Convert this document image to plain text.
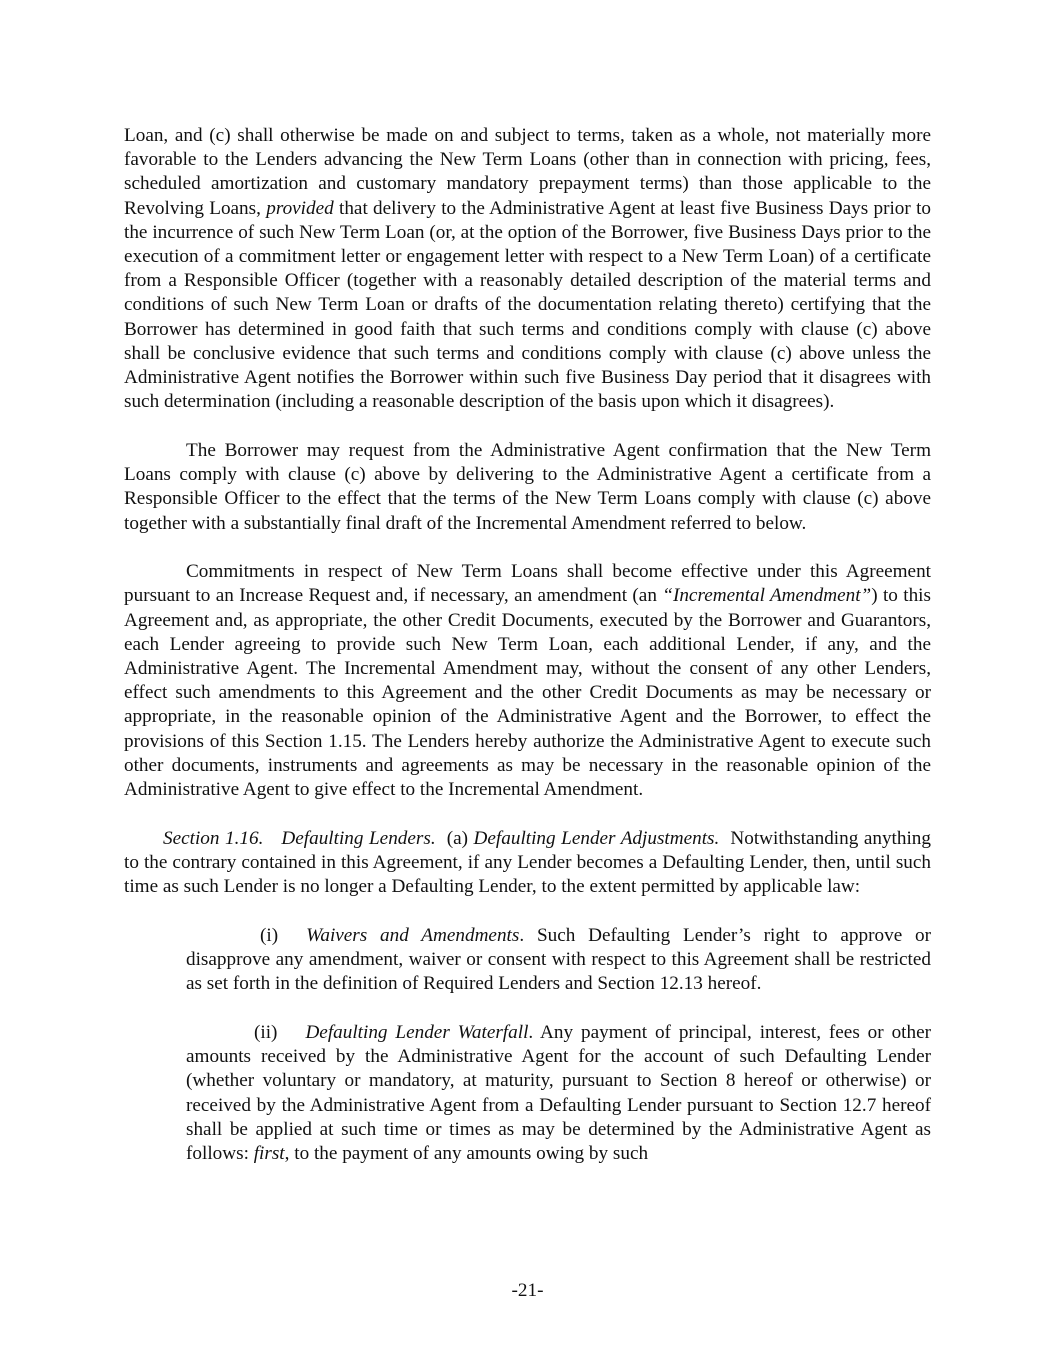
Loan, and (c) shall otherwise be made on and subject to terms, taken as a whole, not materially more favorable to the Lenders advancing the New Term Loans (other than in connection with pricing, fees, scheduled amortization and customary mandatory prepayment terms) than those applicable to the Revolving Loans, provided that delivery to the Administrative Agent at least five Business Days prior to the incurrence of such New Term Loan (or, at the option of the Borrower, five Business Days prior to the execution of a commitment letter or engagement letter with respect to a New Term Loan) of a certificate from a Responsible Officer (together with a reasonably detailed description of the material terms and conditions of such New Term Loan or drafts of the documentation relating thereto) certifying that the Borrower has determined in good faith that such terms and conditions comply with clause (c) above shall be conclusive evidence that such terms and conditions comply with clause (c) above unless the Administrative Agent notifies the Borrower within such five Business Day period that it disagrees with such determination (including a reasonable description of the basis upon which it disagrees).

The Borrower may request from the Administrative Agent confirmation that the New Term Loans comply with clause (c) above by delivering to the Administrative Agent a certificate from a Responsible Officer to the effect that the terms of the New Term Loans comply with clause (c) above together with a substantially final draft of the Incremental Amendment referred to below.

Commitments in respect of New Term Loans shall become effective under this Agreement pursuant to an Increase Request and, if necessary, an amendment (an “Incremental Amendment”) to this Agreement and, as appropriate, the other Credit Documents, executed by the Borrower and Guarantors, each Lender agreeing to provide such New Term Loan, each additional Lender, if any, and the Administrative Agent. The Incremental Amendment may, without the consent of any other Lenders, effect such amendments to this Agreement and the other Credit Documents as may be necessary or appropriate, in the reasonable opinion of the Administrative Agent and the Borrower, to effect the provisions of this Section 1.15. The Lenders hereby authorize the Administrative Agent to execute such other documents, instruments and agreements as may be necessary in the reasonable opinion of the Administrative Agent to give effect to the Incremental Amendment.

Section 1.16. Defaulting Lenders. (a) Defaulting Lender Adjustments. Notwithstanding anything to the contrary contained in this Agreement, if any Lender becomes a Defaulting Lender, then, until such time as such Lender is no longer a Defaulting Lender, to the extent permitted by applicable law:

(i) Waivers and Amendments. Such Defaulting Lender’s right to approve or disapprove any amendment, waiver or consent with respect to this Agreement shall be restricted as set forth in the definition of Required Lenders and Section 12.13 hereof.

(ii) Defaulting Lender Waterfall. Any payment of principal, interest, fees or other amounts received by the Administrative Agent for the account of such Defaulting Lender (whether voluntary or mandatory, at maturity, pursuant to Section 8 hereof or otherwise) or received by the Administrative Agent from a Defaulting Lender pursuant to Section 12.7 hereof shall be applied at such time or times as may be determined by the Administrative Agent as follows: first, to the payment of any amounts owing by such

-21-
